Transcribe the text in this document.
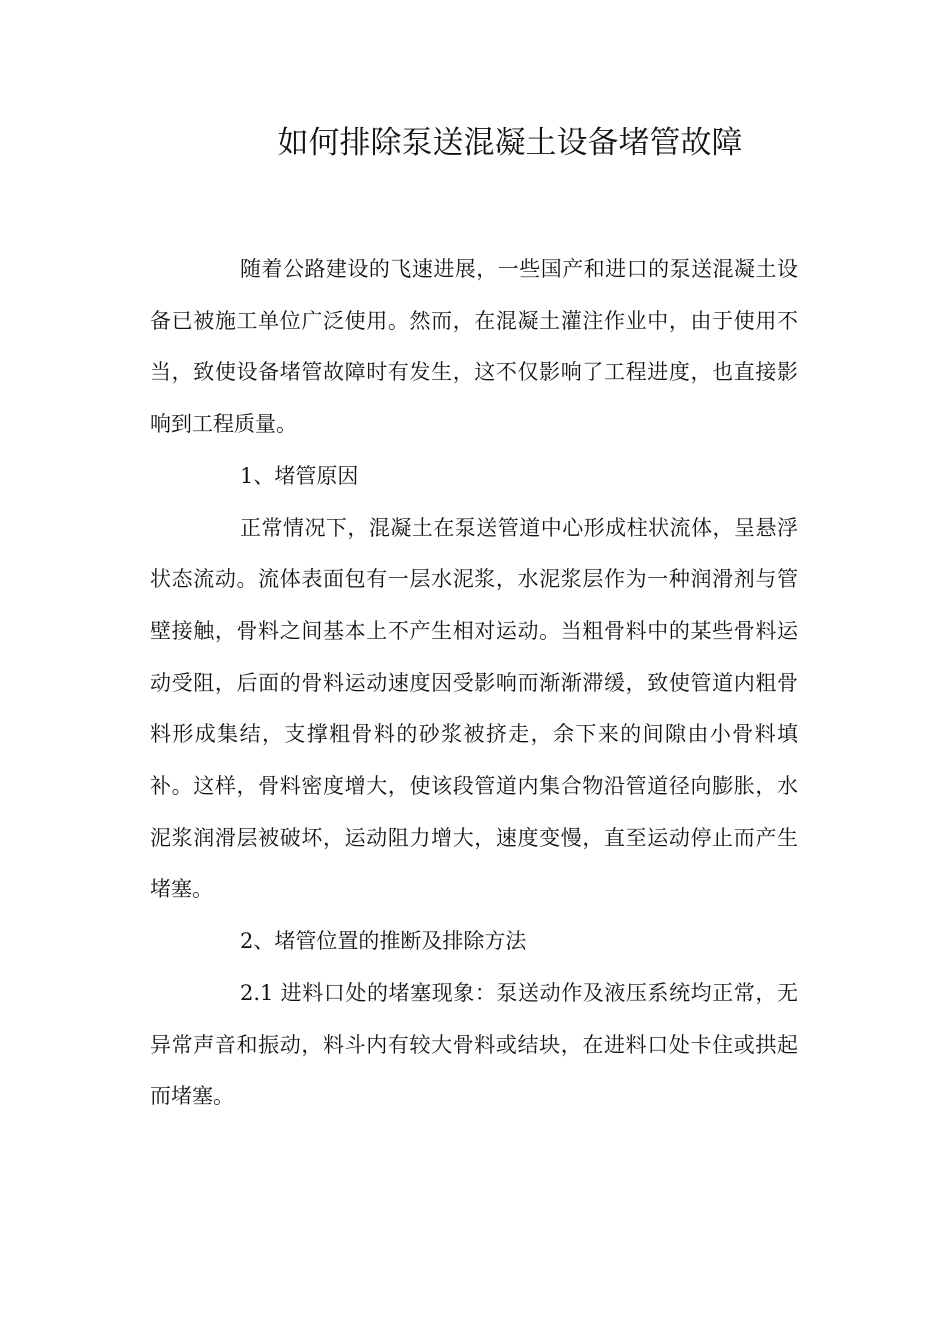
如何排除泵送混凝土设备堵管故障

随着公路建设的飞速进展，一些国产和进口的泵送混凝土设备已被施工单位广泛使用。然而，在混凝土灌注作业中，由于使用不当，致使设备堵管故障时有发生，这不仅影响了工程进度，也直接影响到工程质量。

1、堵管原因

正常情况下，混凝土在泵送管道中心形成柱状流体，呈悬浮状态流动。流体表面包有一层水泥浆，水泥浆层作为一种润滑剂与管壁接触，骨料之间基本上不产生相对运动。当粗骨料中的某些骨料运动受阻，后面的骨料运动速度因受影响而渐渐滞缓，致使管道内粗骨料形成集结，支撑粗骨料的砂浆被挤走，余下来的间隙由小骨料填补。这样，骨料密度增大，使该段管道内集合物沿管道径向膨胀，水泥浆润滑层被破坏，运动阻力增大，速度变慢，直至运动停止而产生堵塞。

2、堵管位置的推断及排除方法

2.1 进料口处的堵塞现象：泵送动作及液压系统均正常，无异常声音和振动，料斗内有较大骨料或结块，在进料口处卡住或拱起而堵塞。
